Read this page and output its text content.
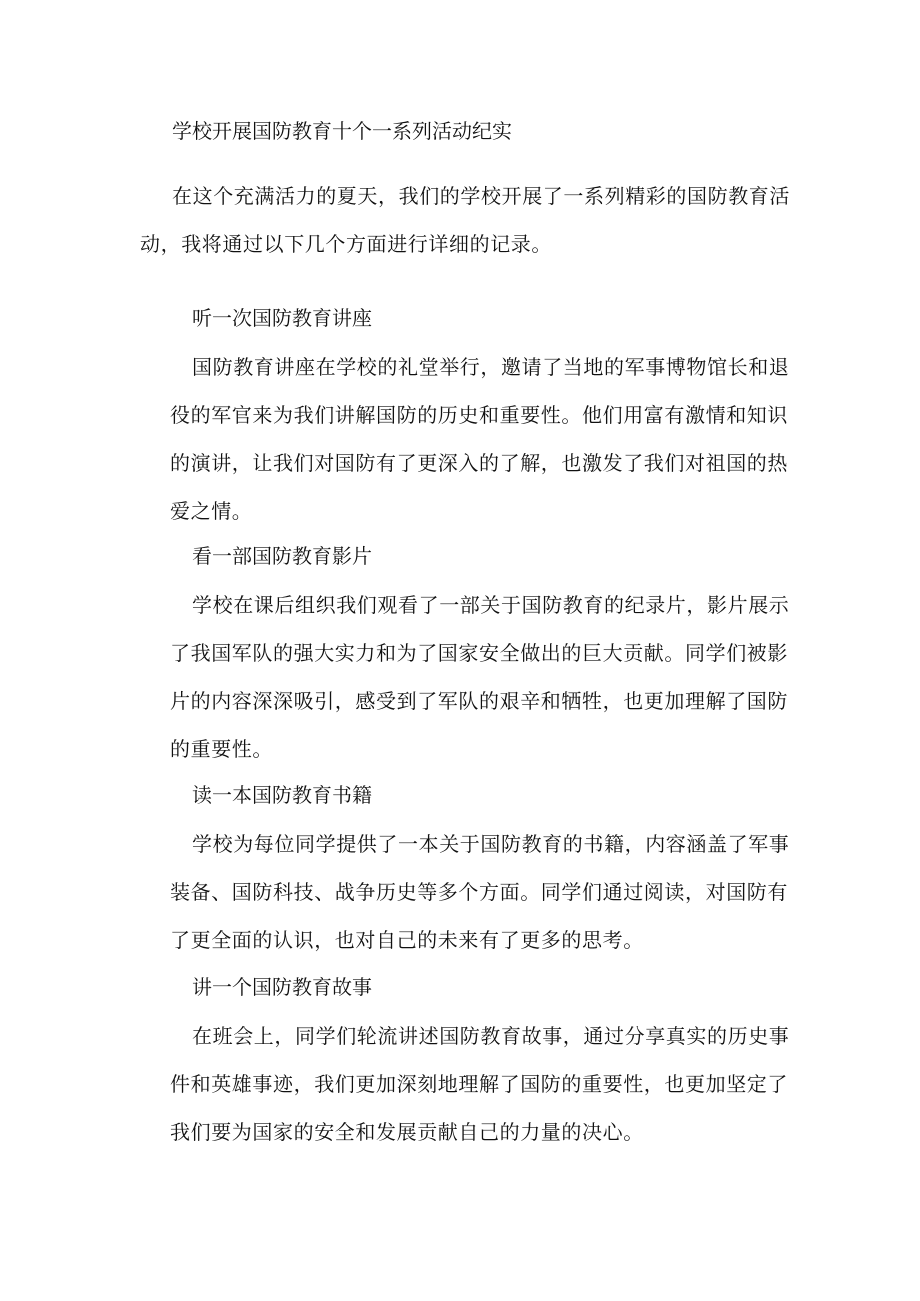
学校开展国防教育十个一系列活动纪实

在这个充满活力的夏天，我们的学校开展了一系列精彩的国防教育活动，我将通过以下几个方面进行详细的记录。

听一次国防教育讲座

国防教育讲座在学校的礼堂举行，邀请了当地的军事博物馆长和退役的军官来为我们讲解国防的历史和重要性。他们用富有激情和知识的演讲，让我们对国防有了更深入的了解，也激发了我们对祖国的热爱之情。

看一部国防教育影片

学校在课后组织我们观看了一部关于国防教育的纪录片，影片展示了我国军队的强大实力和为了国家安全做出的巨大贡献。同学们被影片的内容深深吸引，感受到了军队的艰辛和牺牲，也更加理解了国防的重要性。

读一本国防教育书籍

学校为每位同学提供了一本关于国防教育的书籍，内容涵盖了军事装备、国防科技、战争历史等多个方面。同学们通过阅读，对国防有了更全面的认识，也对自己的未来有了更多的思考。

讲一个国防教育故事

在班会上，同学们轮流讲述国防教育故事，通过分享真实的历史事件和英雄事迹，我们更加深刻地理解了国防的重要性，也更加坚定了我们要为国家的安全和发展贡献自己的力量的决心。
